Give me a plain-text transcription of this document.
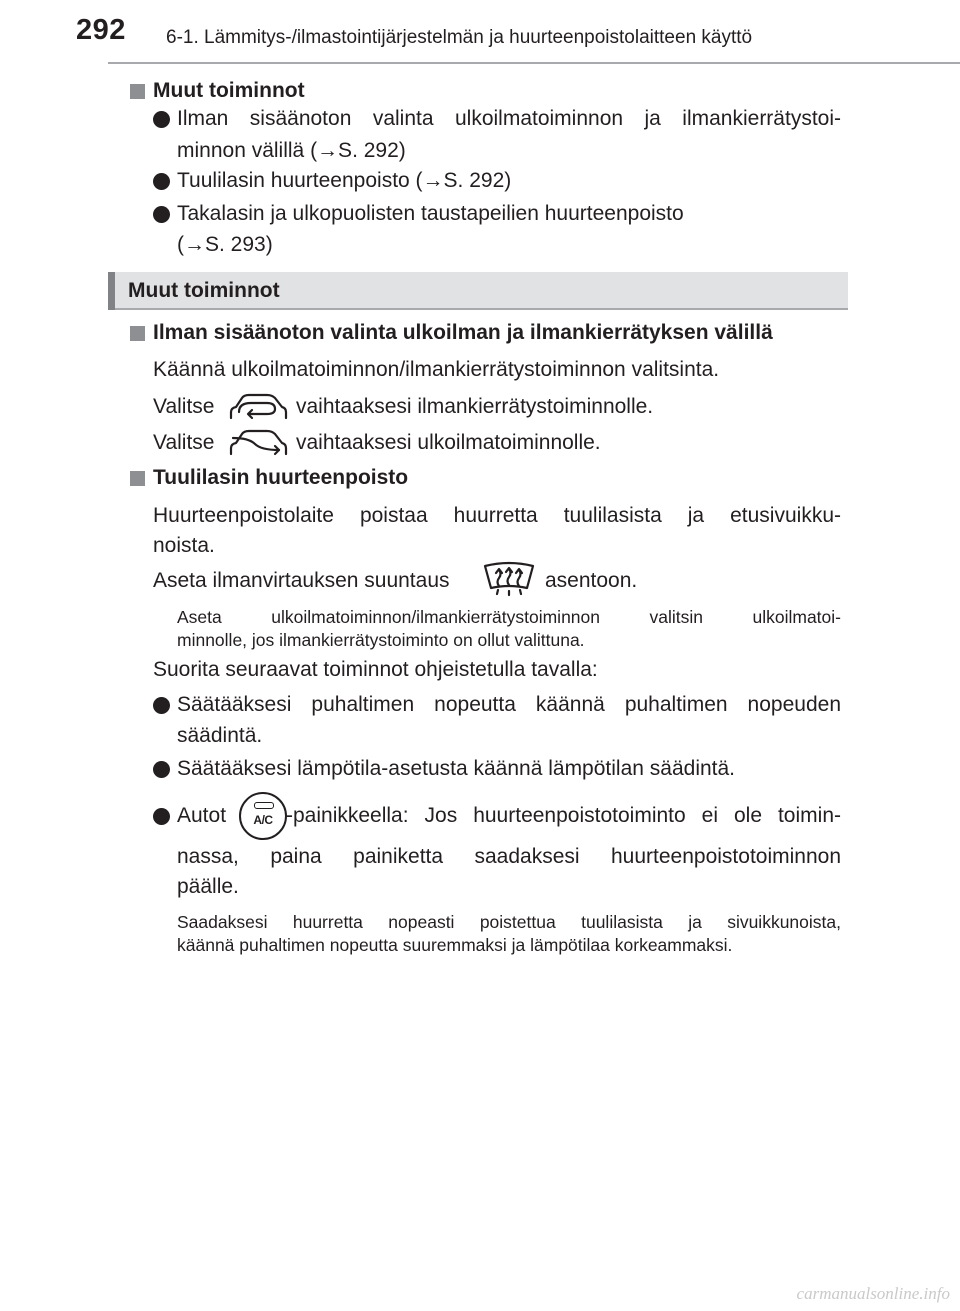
292 6-1. Lämmitys-/ilmastointijärjestelmän ja huurteenpoistolaitteen käyttö
Muut toiminnot
Ilman sisäänoton valinta ulkoilmatoiminnon ja ilmankierrätystoi-
minnon välillä (→S. 292)
Tuulilasin huurteenpoisto (→S. 292)
Takalasin ja ulkopuolisten taustapeilien huurteenpoisto
(→S. 293)
Muut toiminnot
Ilman sisäänoton valinta ulkoilman ja ilmankierrätyksen välillä
Käännä ulkoilmatoiminnon/ilmankierrätystoiminnon valitsinta.
Valitse	vaihtaaksesi ilmankierrätystoiminnolle.
Valitse	vaihtaaksesi ulkoilmatoiminnolle.
Tuulilasin huurteenpoisto
Huurteenpoistolaite poistaa huurretta tuulilasista ja etusivuikku-
noista.
Aseta ilmanvirtauksen suuntaus	asentoon.
Aseta ulkoilmatoiminnon/ilmankierrätystoiminnon valitsin ulkoilmatoi-
minnolle, jos ilmankierrätystoiminto on ollut valittuna.
Suorita seuraavat toiminnot ohjeistetulla tavalla:
Säätääksesi puhaltimen nopeutta käännä puhaltimen nopeuden
säädintä.
Säätääksesi lämpötila-asetusta käännä lämpötilan säädintä.
Autot	A/C -painikkeella: Jos huurteenpoistotoiminto ei ole toimin-
nassa, paina painiketta saadaksesi huurteenpoistotoiminnon
päälle.
Saadaksesi huurretta nopeasti poistettua tuulilasista ja sivuikkunoista,
käännä puhaltimen nopeutta suuremmaksi ja lämpötilaa korkeammaksi.
carmanualsonline.info
